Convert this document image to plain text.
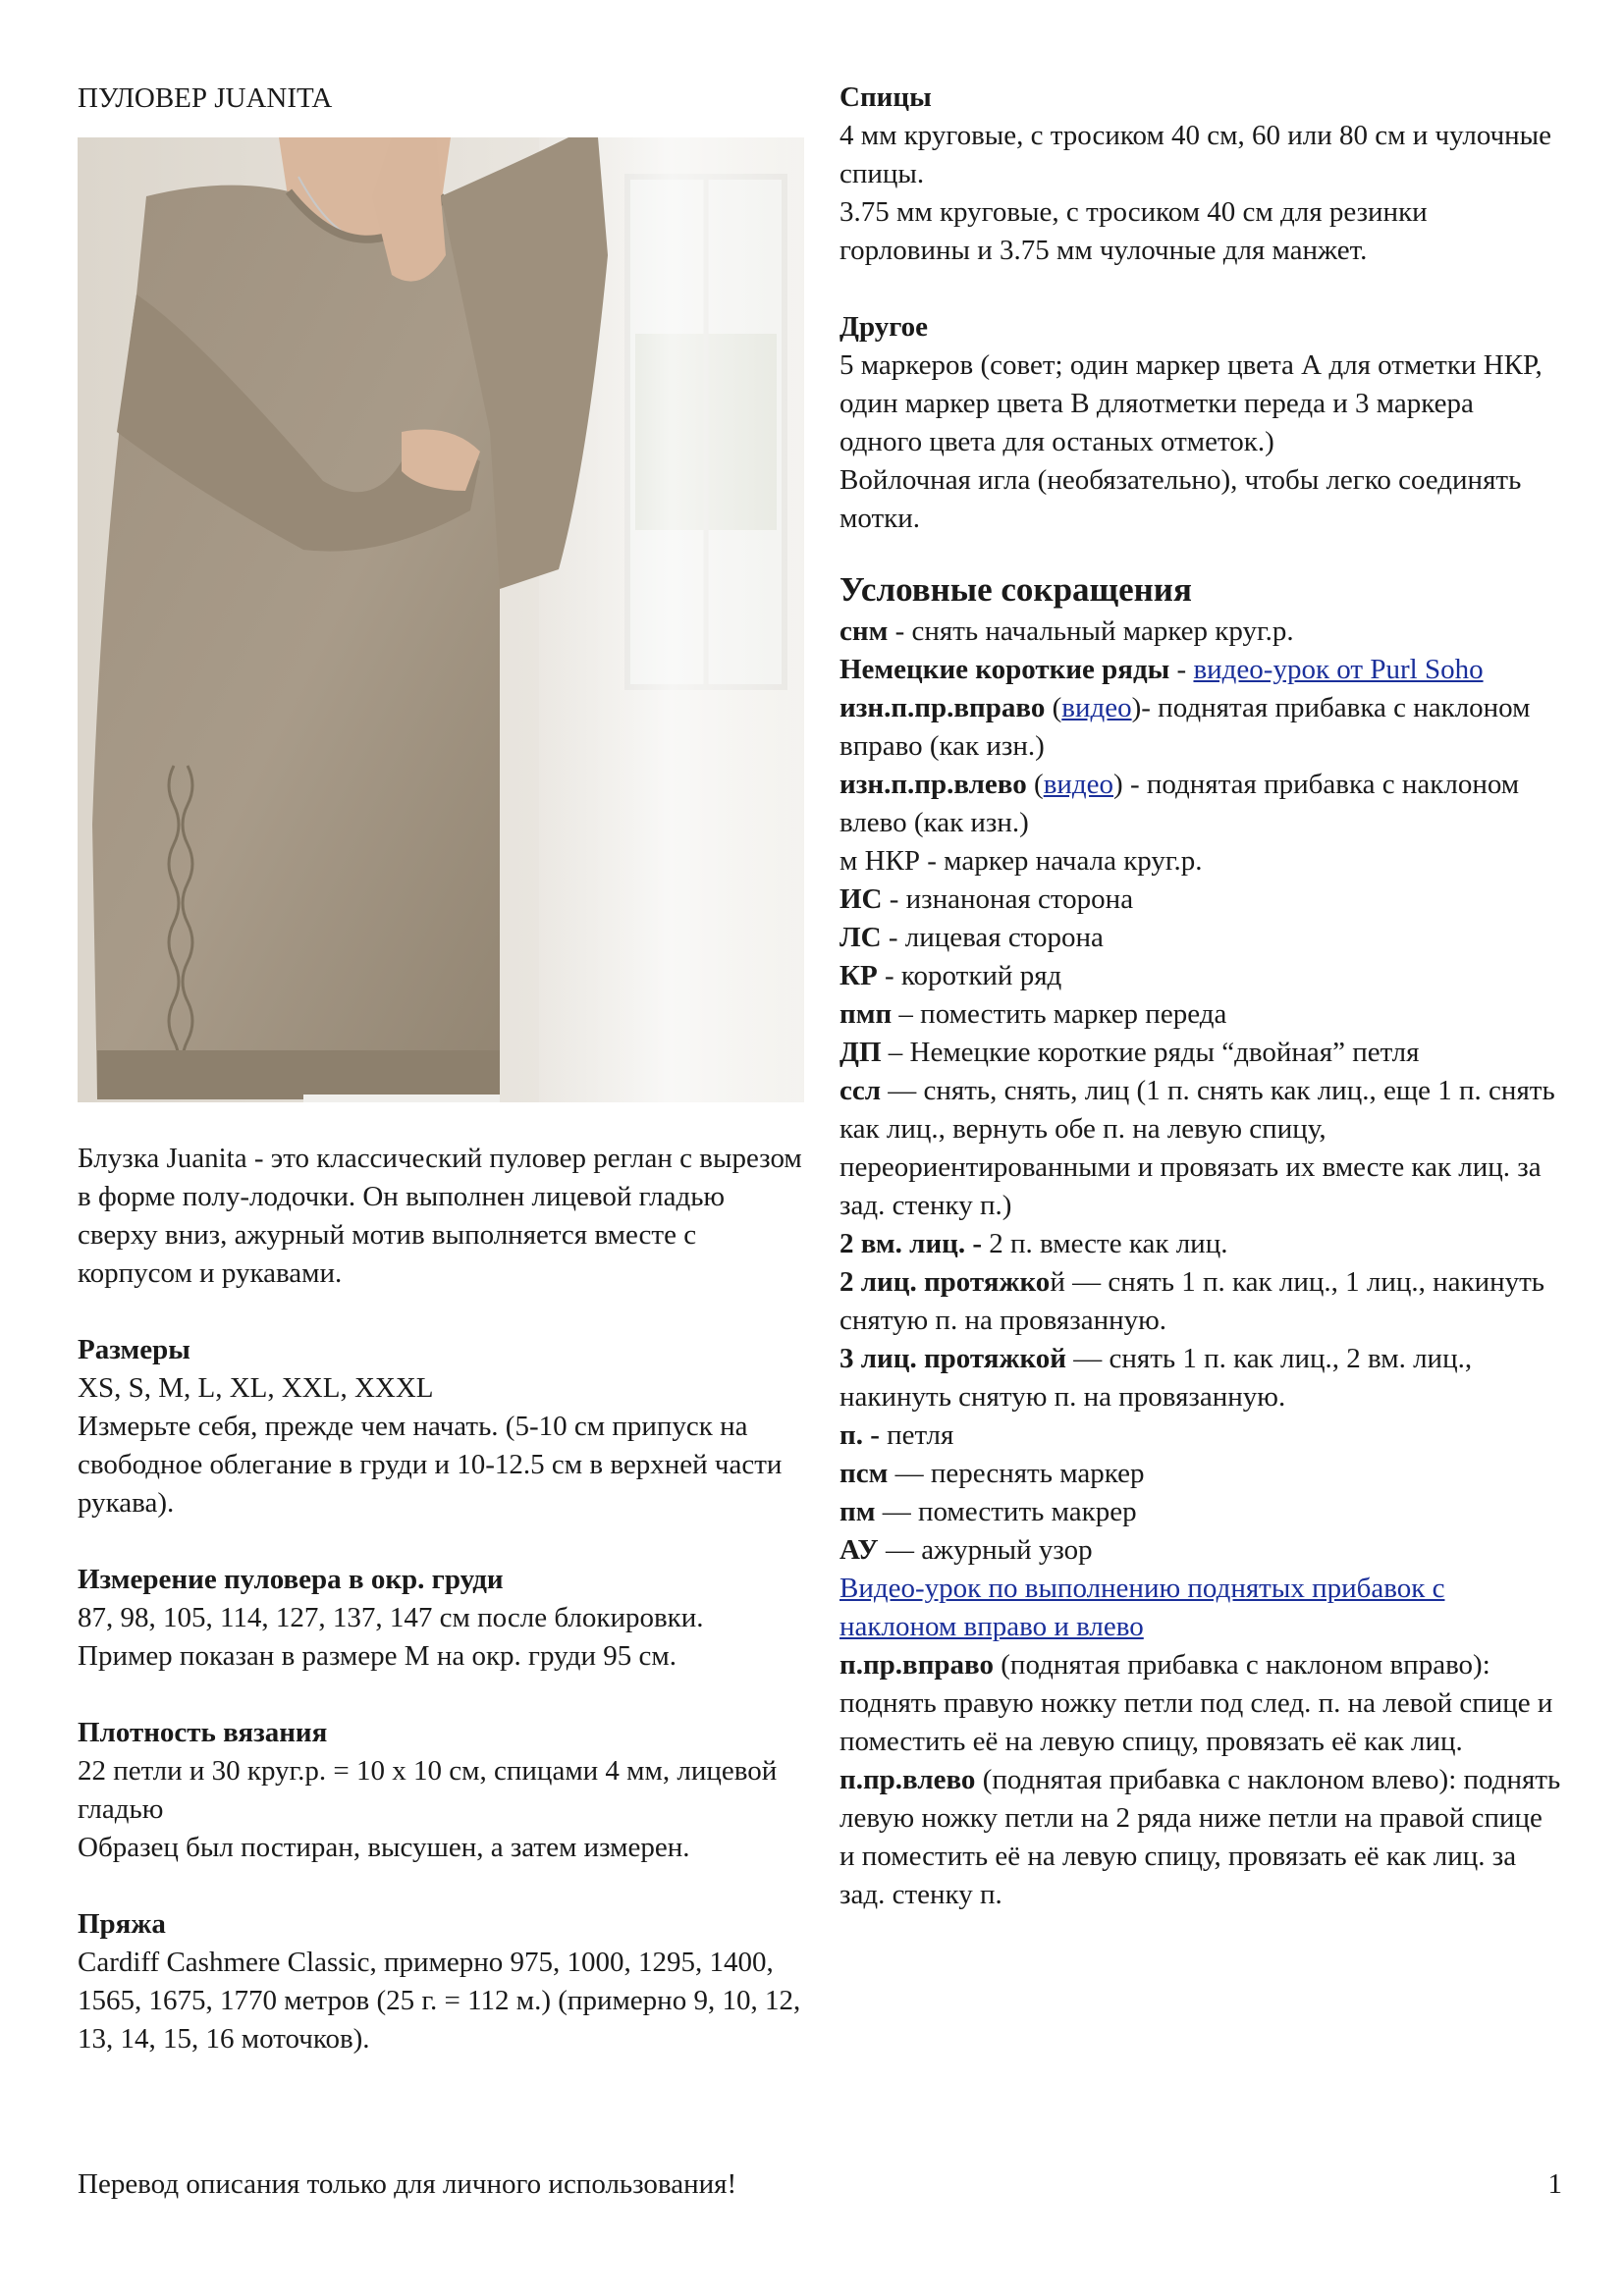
ПУЛОВЕР JUANITA

Блузка Juanita - это классический пуловер реглан с вырезом в форме полу-лодочки. Он выполнен лицевой гладью сверху вниз, ажурный мотив выполняется вместе с корпусом и рукавами.

Размеры

XS, S, M, L, XL, XXL, XXXL

Измерьте себя, прежде чем начать. (5-10 см припуск на свободное облегание в груди и 10-12.5 см в верхней части рукава).

Измерение пуловера в окр. груди

87, 98, 105, 114, 127, 137, 147 см после блокировки. Пример показан в размере М на окр. груди 95 см.

Плотность вязания

22 петли и 30 круг.р. = 10 х 10 см, спицами 4 мм, лицевой гладью

Образец был постиран, высушен, а затем измерен.

Пряжа

Cardiff Cashmere Classic, примерно 975, 1000, 1295, 1400, 1565, 1675, 1770 метров (25 г. = 112 м.) (примерно 9, 10, 12, 13, 14, 15, 16 моточков).

Спицы

4 мм круговые, с тросиком 40 см, 60 или 80 см и чулочные спицы.

3.75 мм круговые, с тросиком 40 см для резинки горловины и 3.75 мм чулочные для манжет.

Другое

5 маркеров (совет; один маркер цвета А для отметки НКР, один маркер цвета В дляотметки переда и 3 маркера одного цвета для останых отметок.)

Войлочная игла (необязательно), чтобы легко соединять мотки.

Условные сокращения

снм - снять начальный маркер круг.р.

Немецкие короткие ряды - видео-урок от Purl Soho

изн.п.пр.вправо (видео)- поднятая прибавка с наклоном вправо (как изн.)

изн.п.пр.влево (видео) - поднятая прибавка с наклоном влево (как изн.)

м НКР - маркер начала круг.р.

ИС - изнанoная сторона

ЛС - лицевая сторона

КР - короткий ряд

пмп – поместить маркер переда

ДП – Немецкие короткие ряды “двойная” петля

ссл — снять, снять, лиц (1 п. снять как лиц., еще 1 п. снять как лиц., вернуть обе п. на левую спицу, переориентированными и провязать их вместе как лиц. за зад. стенку п.)

2 вм. лиц. - 2 п. вместе как лиц.

2 лиц. протяжкой — снять 1 п. как лиц., 1 лиц., накинуть снятую п. на провязанную.

3 лиц. протяжкой — снять 1 п. как лиц., 2 вм. лиц., накинуть снятую п. на провязанную.

п. - петля

псм — переснять маркер

пм — поместить макрер

АУ — ажурный узор

Видео-урок по выполнению поднятых прибавок с наклоном вправо и влево

п.пр.вправо (поднятая прибавка с наклоном вправо): поднять правую ножку петли под след. п. на левой спице и поместить её на левую спицу, провязать её как лиц.

п.пр.влево (поднятая прибавка с наклоном влево): поднять левую ножку петли на 2 ряда ниже петли на правой спице и поместить её на левую спицу, провязать её как лиц. за зад. стенку п.

Перевод описания только для личного использования!	1
